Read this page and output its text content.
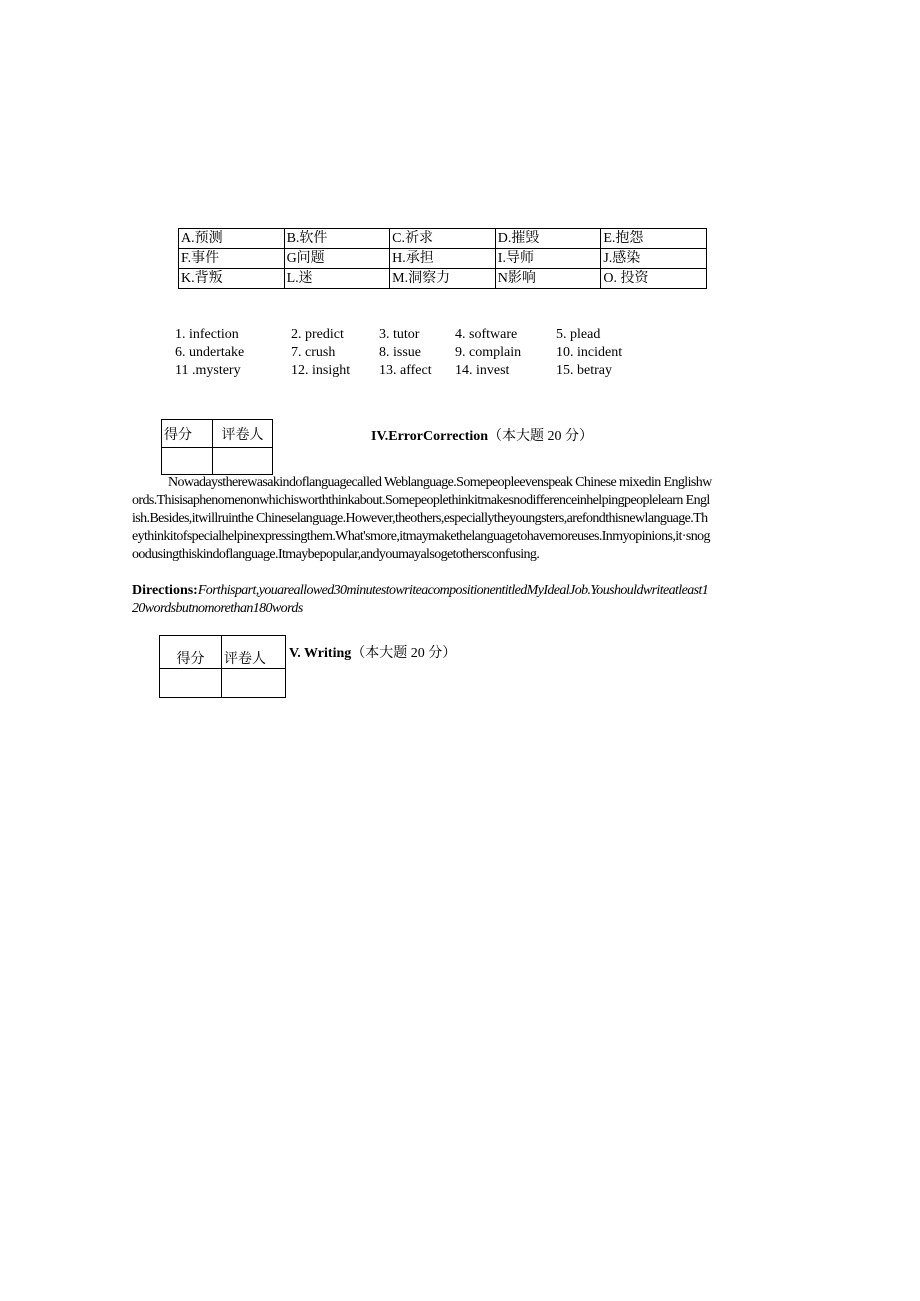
A.预测	B.软件	C.祈求	D.摧毁	E.抱怨
F.事件	G问题	H.承担	I.导师	J.感染
K.背叛	L.迷	M.洞察力	N影响	O. 投资
1. infection	2. predict	3. tutor	4. software	5. plead
6. undertake	7. crush	8. issue 9. complain 10. incident
11 .mystery	12. insight 13. affect 14. invest	15. betray
得分	评卷人
		IV.ErrorCorrection（本大题 20 分）

Nowadaystherewasakindoflanguagecalled Weblanguage.Somepeopleevenspeak Chinese mixedin Englishwords.Thisisaphenomenonwhichisworththinkabout.Somepeoplethinkitmakesnodifferenceinhelpingpeoplelearn English.Besides,itwillruinthe Chineselanguage.However,theothers,especiallytheyoungsters,arefondthisnewlanguage.Theythinkitofspecialhelpinexpressingthem.What'smore,itmaymakethelanguagetohavemoreuses.Inmyopinions,it·snogoodusingthiskindoflanguage.Itmaybepopular,andyoumayalsogetothersconfusing.

Directions:Forthispart,youareallowed30minutestowriteacompositionentitledMyIdealJob.Youshouldwriteatleast120wordsbutnomorethan180words

得分	评卷人
	V. Writing（本大题 20 分）
